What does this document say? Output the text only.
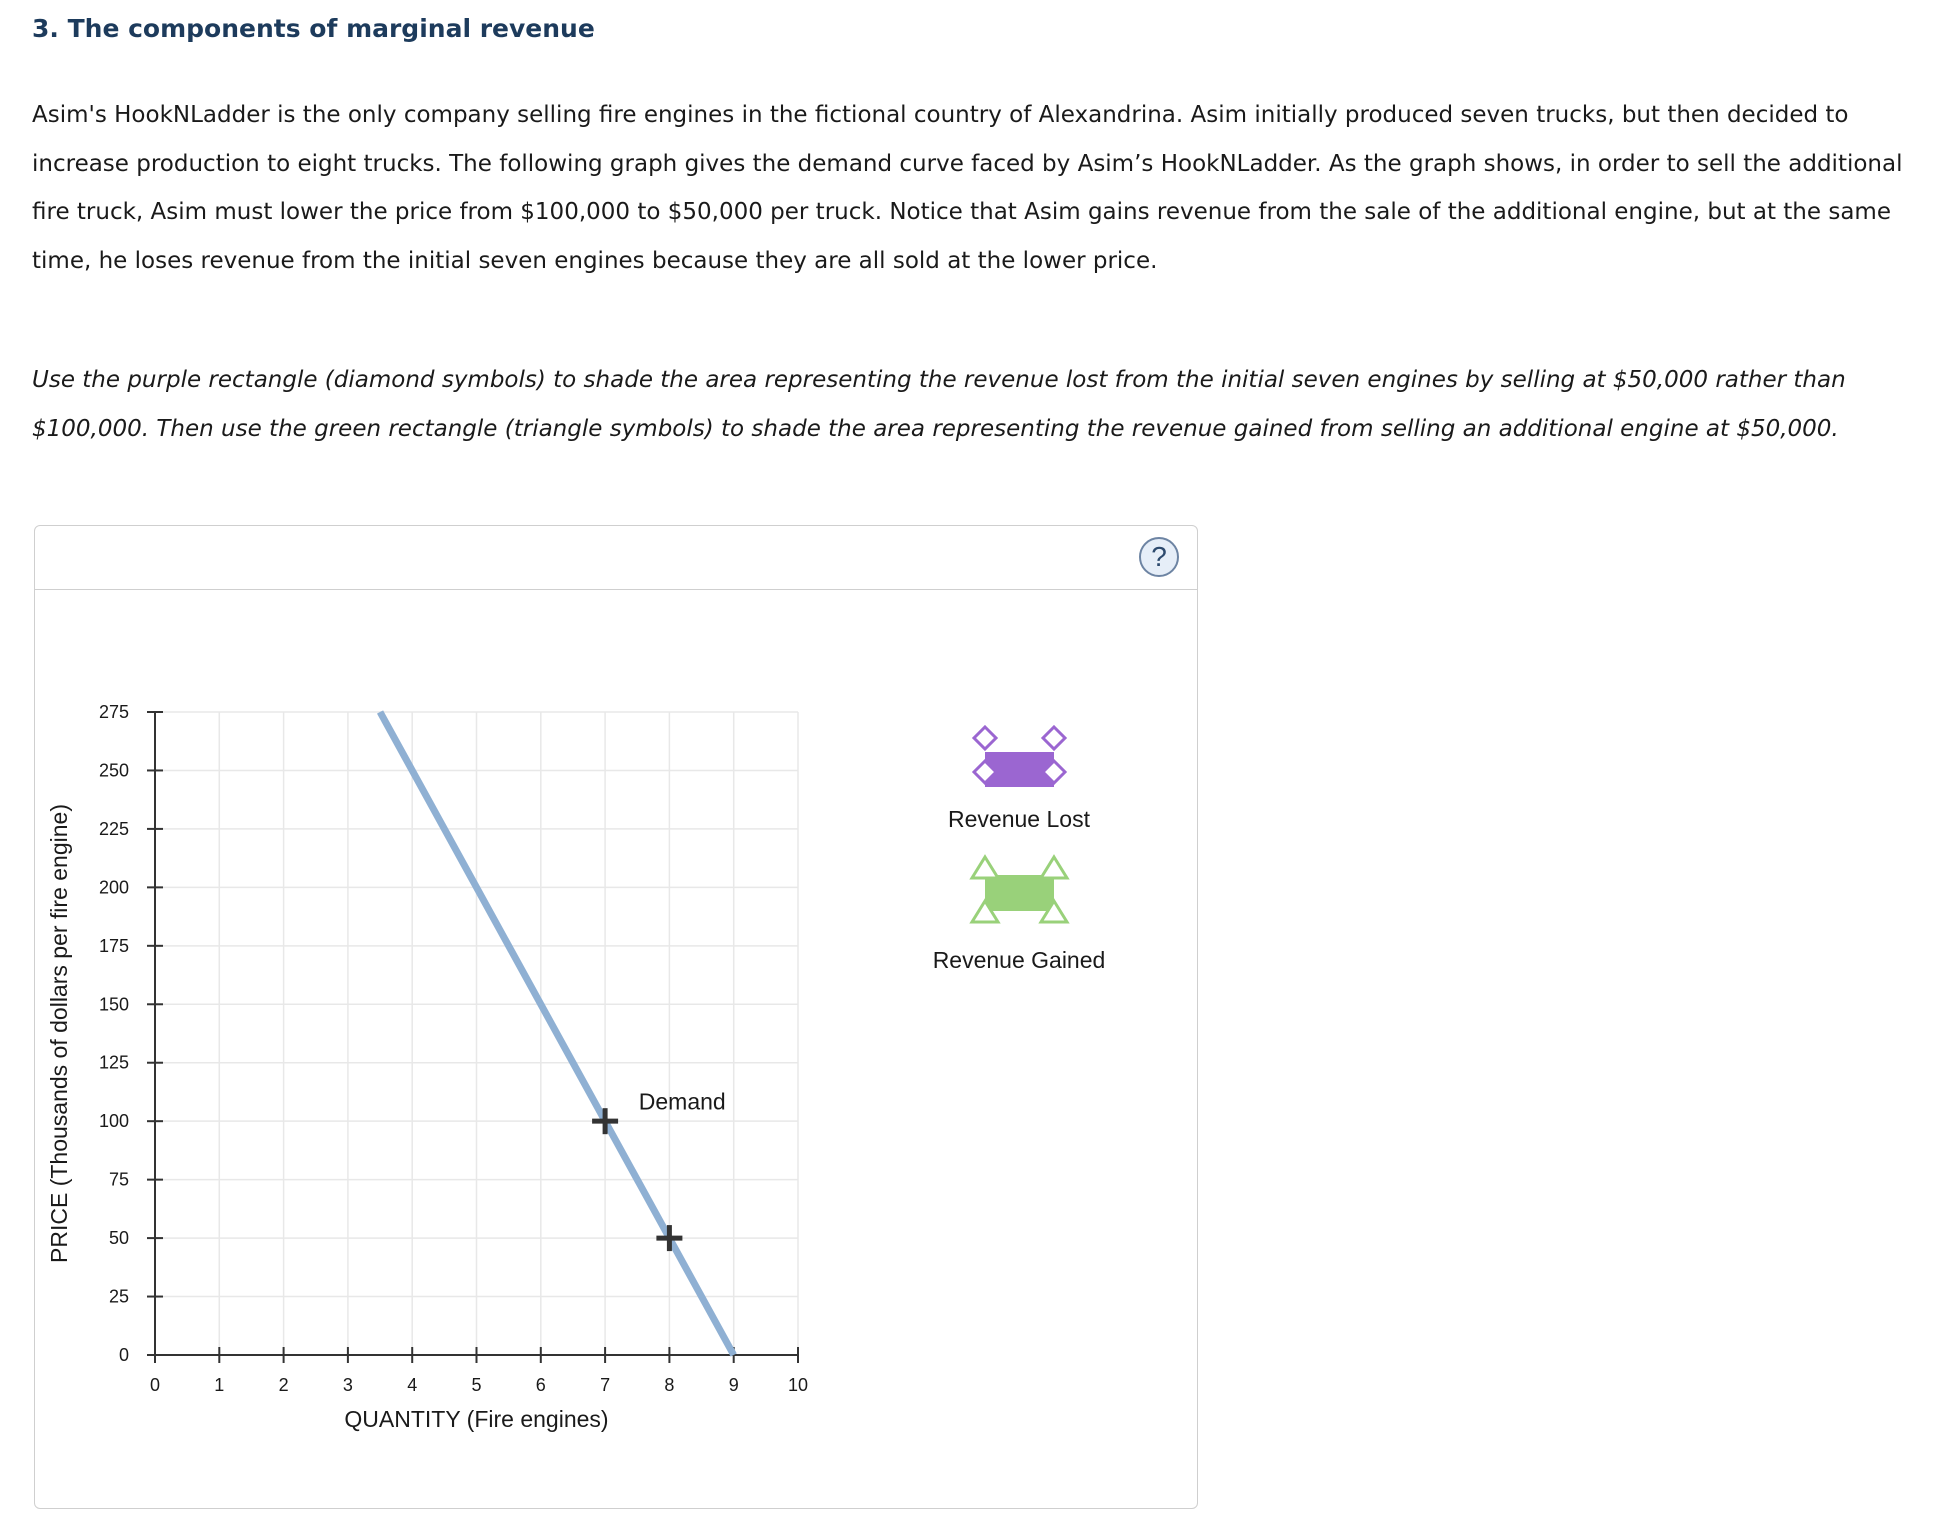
3. The components of marginal revenue

Asim's HookNLadder is the only company selling fire engines in the fictional country of Alexandrina. Asim initially produced seven trucks, but then decided to increase production to eight trucks. The following graph gives the demand curve faced by Asim’s HookNLadder. As the graph shows, in order to sell the additional fire truck, Asim must lower the price from $100,000 to $50,000 per truck. Notice that Asim gains revenue from the sale of the additional engine, but at the same time, he loses revenue from the initial seven engines because they are all sold at the lower price.

Use the purple rectangle (diamond symbols) to shade the area representing the revenue lost from the initial seven engines by selling at $50,000 rather than $100,000. Then use the green rectangle (triangle symbols) to shade the area representing the revenue gained from selling an additional engine at $50,000.

?
0	1	2	3	4	5	6	7	8	9	10
0
25
50
75
100
125
150
175
200
225
250
275
QUANTITY (Fire engines)
PRICE (Thousands of dollars per fire engine)	Demand
Revenue Lost
Revenue Gained
